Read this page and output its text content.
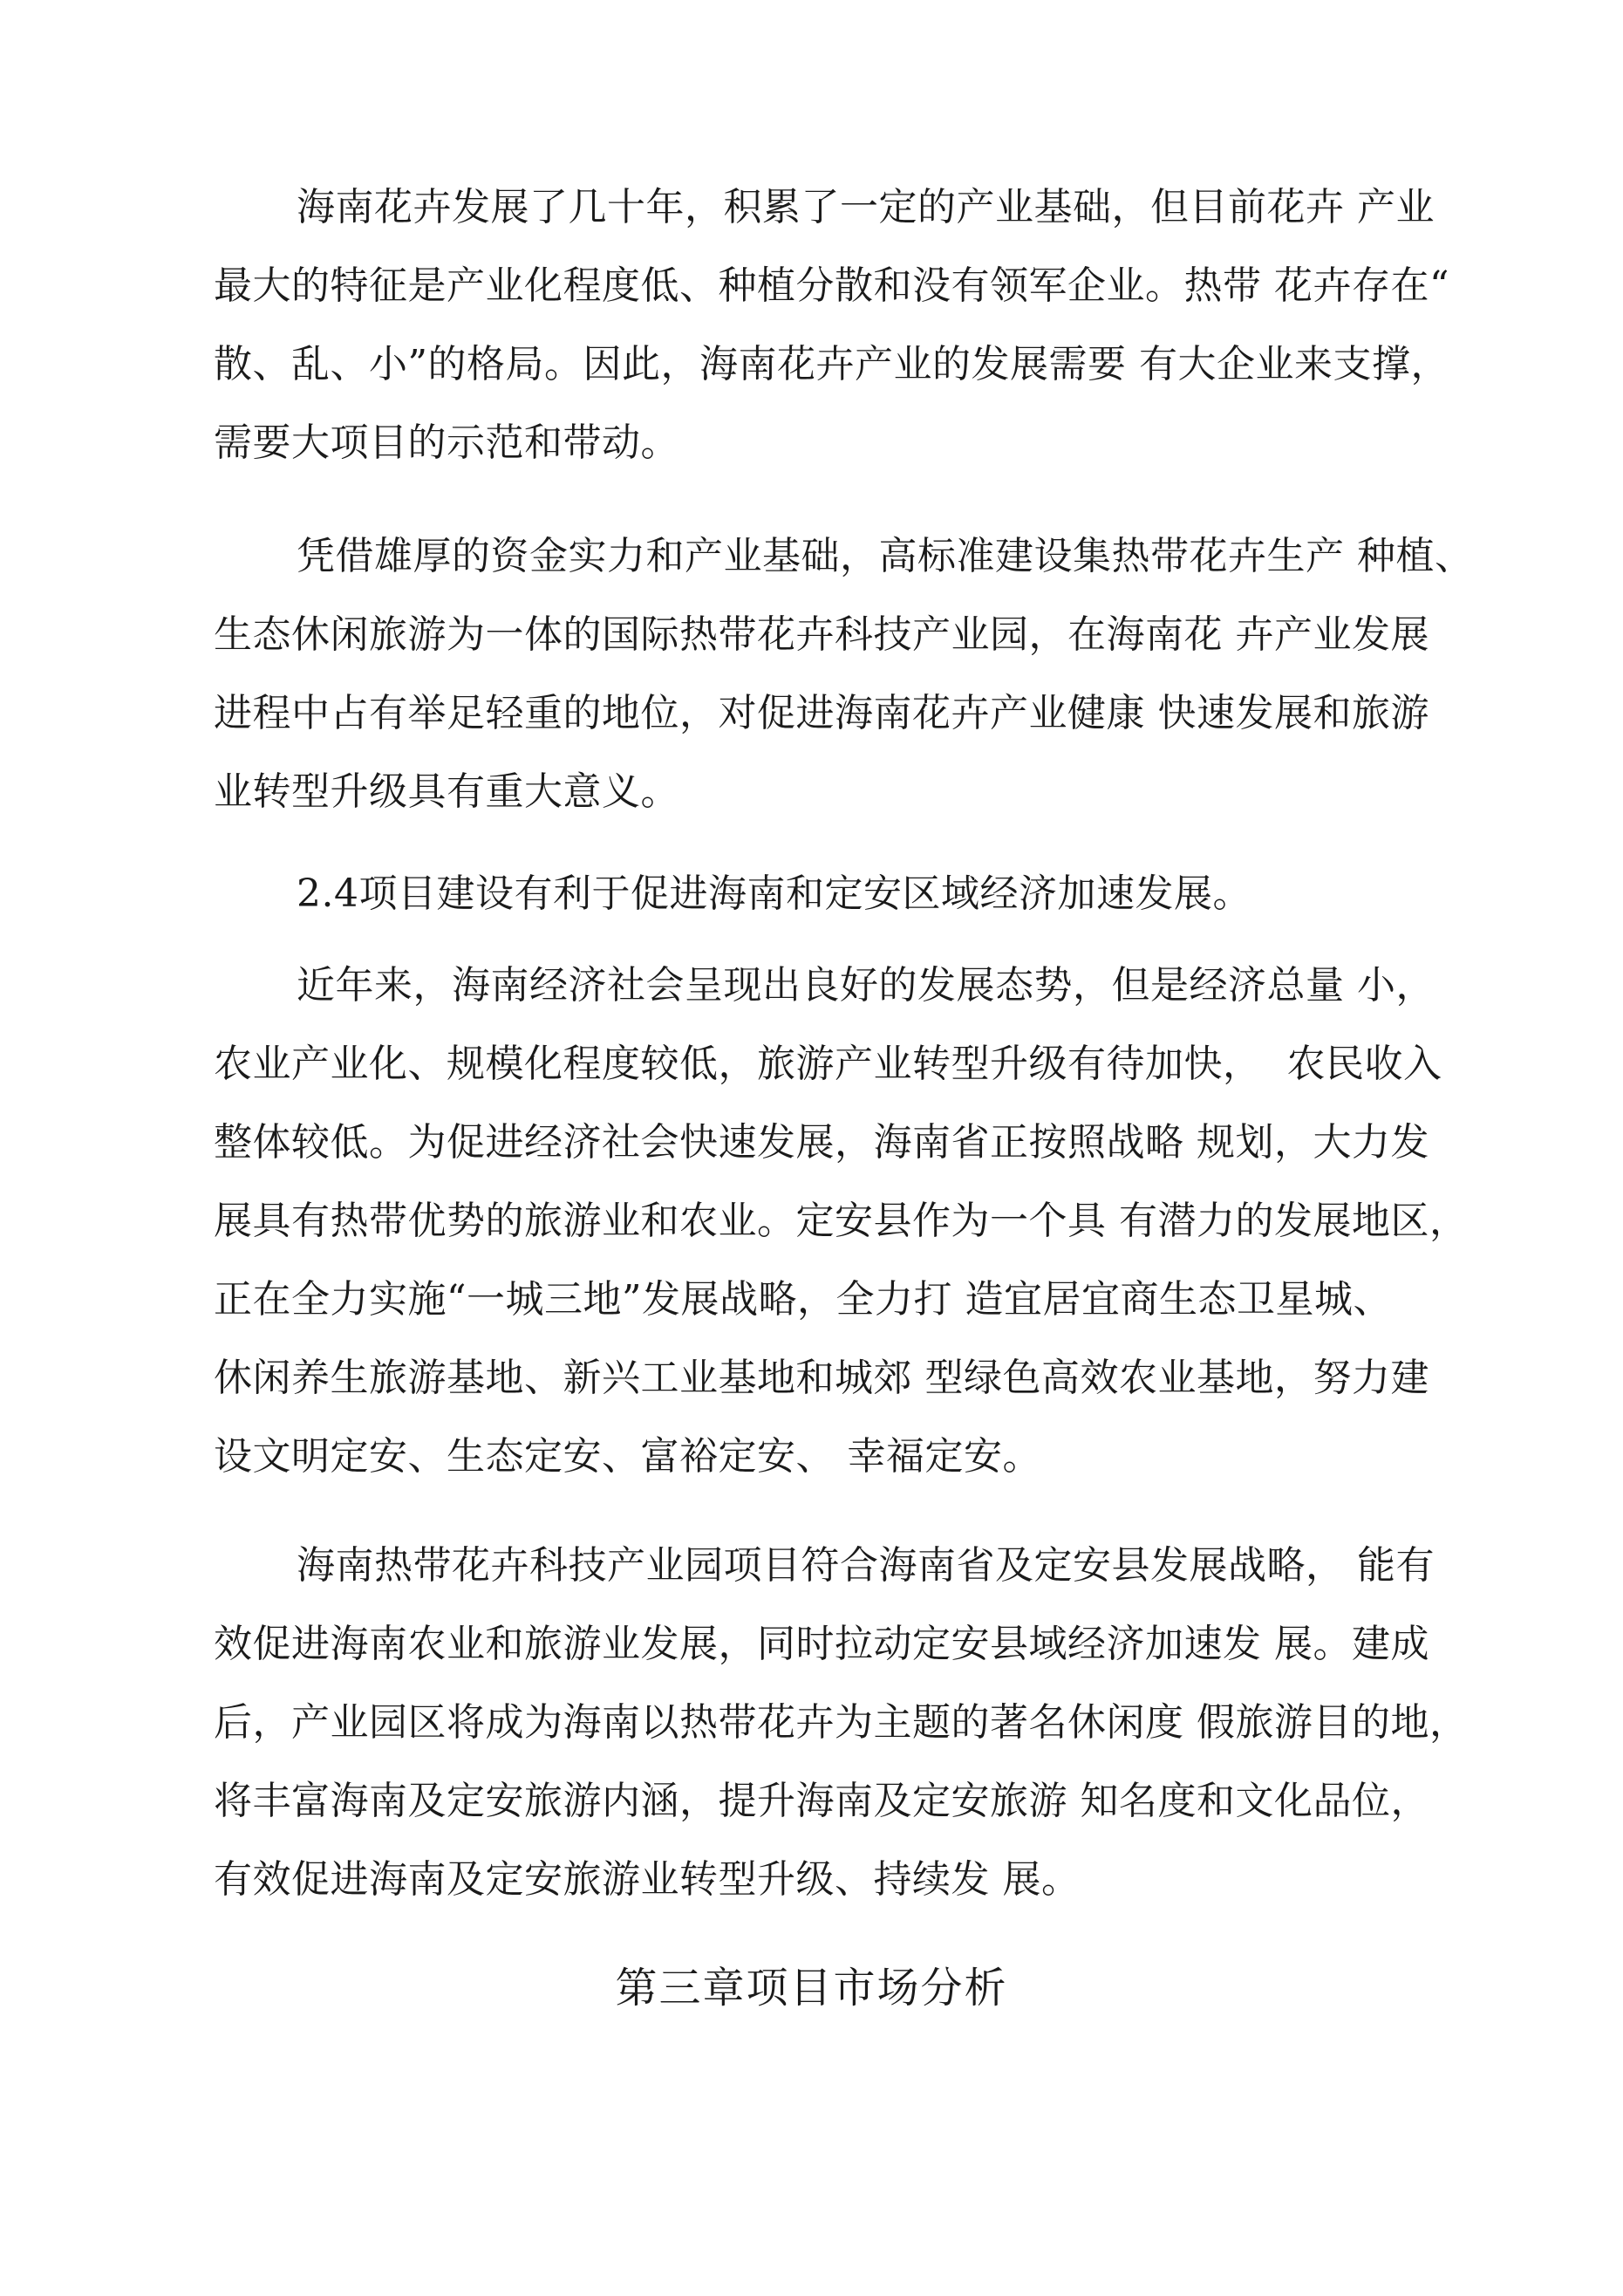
海南花卉发展了几十年，积累了一定的产业基础，但目前花卉 产业
最大的特征是产业化程度低、种植分散和没有领军企业。热带 花卉存在“
散、乱、小”的格局。因此，海南花卉产业的发展需要 有大企业来支撑，
需要大项目的示范和带动。
凭借雄厚的资金实力和产业基础，高标准建设集热带花卉生产 种植、
生态休闲旅游为一体的国际热带花卉科技产业园，在海南花 卉产业发展
进程中占有举足轻重的地位，对促进海南花卉产业健康 快速发展和旅游
业转型升级具有重大意义。
2.4项目建设有利于促进海南和定安区域经济加速发展。
近年来，海南经济社会呈现出良好的发展态势，但是经济总量 小，
农业产业化、规模化程度较低，旅游产业转型升级有待加快，  农民收入
整体较低。为促进经济社会快速发展，海南省正按照战略 规划，大力发
展具有热带优势的旅游业和农业。定安县作为一个具 有潜力的发展地区，
正在全力实施“一城三地”发展战略，全力打 造宜居宜商生态卫星城、
休闲养生旅游基地、新兴工业基地和城郊 型绿色高效农业基地，努力建
设文明定安、生态定安、富裕定安、 幸福定安。
海南热带花卉科技产业园项目符合海南省及定安县发展战略， 能有
效促进海南农业和旅游业发展，同时拉动定安县域经济加速发 展。建成
后，产业园区将成为海南以热带花卉为主题的著名休闲度 假旅游目的地，
将丰富海南及定安旅游内涵，提升海南及定安旅游 知名度和文化品位，
有效促进海南及定安旅游业转型升级、持续发 展。
第三章项目市场分析
